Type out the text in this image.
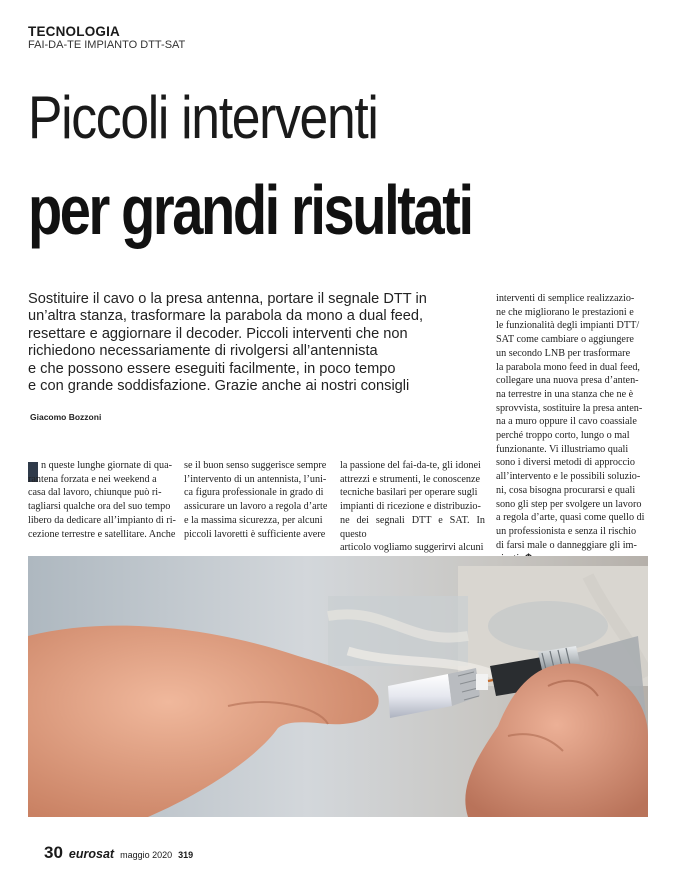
TECNOLOGIA
FAI-DA-TE IMPIANTO DTT-SAT
Piccoli interventi
per grandi risultati
Sostituire il cavo o la presa antenna, portare il segnale DTT in
un’altra stanza, trasformare la parabola da mono a dual feed,
resettare e aggiornare il decoder. Piccoli interventi che non
richiedono necessariamente di rivolgersi all’antennista
e che possono essere eseguiti facilmente, in poco tempo
e con grande soddisfazione. Grazie anche ai nostri consigli
Giacomo Bozzoni
n queste lunghe giornate di qua-
rantena forzata e nei weekend a
casa dal lavoro, chiunque può ri-
tagliarsi qualche ora del suo tempo
libero da dedicare all’impianto di ri-
cezione terrestre e satellitare. Anche
se il buon senso suggerisce sempre
l’intervento di un antennista, l’uni-
ca figura professionale in grado di
assicurare un lavoro a regola d’arte
e la massima sicurezza, per alcuni
piccoli lavoretti è sufficiente avere
la passione del fai-da-te, gli idonei
attrezzi e strumenti, le conoscenze
tecniche basilari per operare sugli
impianti di ricezione e distribuzio-
ne dei segnali DTT e SAT. In questo
articolo vogliamo suggerirvi alcuni
interventi di semplice realizzazio-
ne che migliorano le prestazioni e
le funzionalità degli impianti DTT/
SAT come cambiare o aggiungere
un secondo LNB per trasformare
la parabola mono feed in dual feed,
collegare una nuova presa d’anten-
na terrestre in una stanza che ne è
sprovvista, sostituire la presa anten-
na a muro oppure il cavo coassiale
perché troppo corto, lungo o mal
funzionante. Vi illustriamo quali
sono i diversi metodi di approccio
all’intervento e le possibili soluzio-
ni, cosa bisogna procurarsi e quali
sono gli step per svolgere un lavoro
a regola d’arte, quasi come quello di
un professionista e senza il rischio
di farsi male o danneggiare gli im-

30 eurosat maggio 2020 319
